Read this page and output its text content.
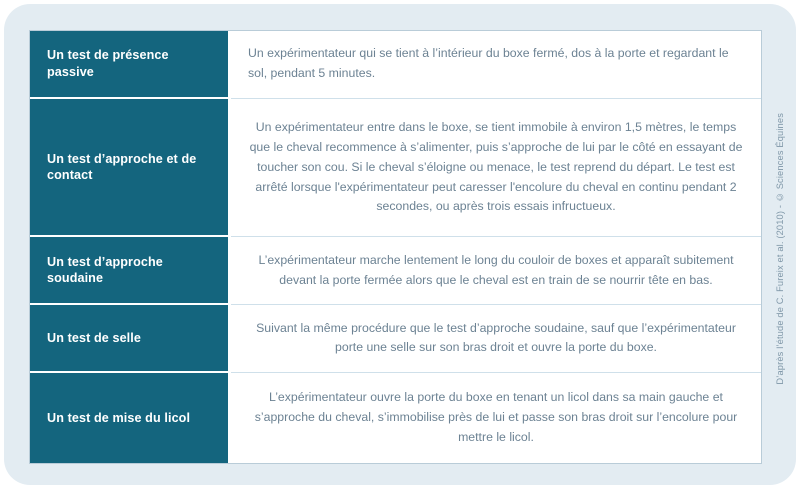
Un test de présence passive	Un expérimentateur qui se tient à l’intérieur du boxe fermé, dos à la porte et regardant le sol, pendant 5 minutes.
Un test d’approche et de contact	Un expérimentateur entre dans le boxe, se tient immobile à environ 1,5 mètres, le temps que le cheval recommence à s’alimenter, puis s’approche de lui par le côté en essayant de toucher son cou. Si le cheval s’éloigne ou menace, le test reprend du départ. Le test est arrêté lorsque l'expérimentateur peut caresser l'encolure du cheval en continu pendant 2 secondes, ou après trois essais infructueux.
Un test d’approche soudaine	L’expérimentateur marche lentement le long du couloir de boxes et apparaît subitement devant la porte fermée alors que le cheval est en train de se nourrir tête en bas.
Un test de selle	Suivant la même procédure que le test d’approche soudaine, sauf que l’expérimentateur porte une selle sur son bras droit et ouvre la porte du boxe.
Un test de mise du licol	L’expérimentateur ouvre la porte du boxe en tenant un licol dans sa main gauche et s’approche du cheval, s’immobilise près de lui et passe son bras droit sur l’encolure pour mettre le licol.
D’après l’étude de C. Fureix et al. (2010) - © Sciences Équines
